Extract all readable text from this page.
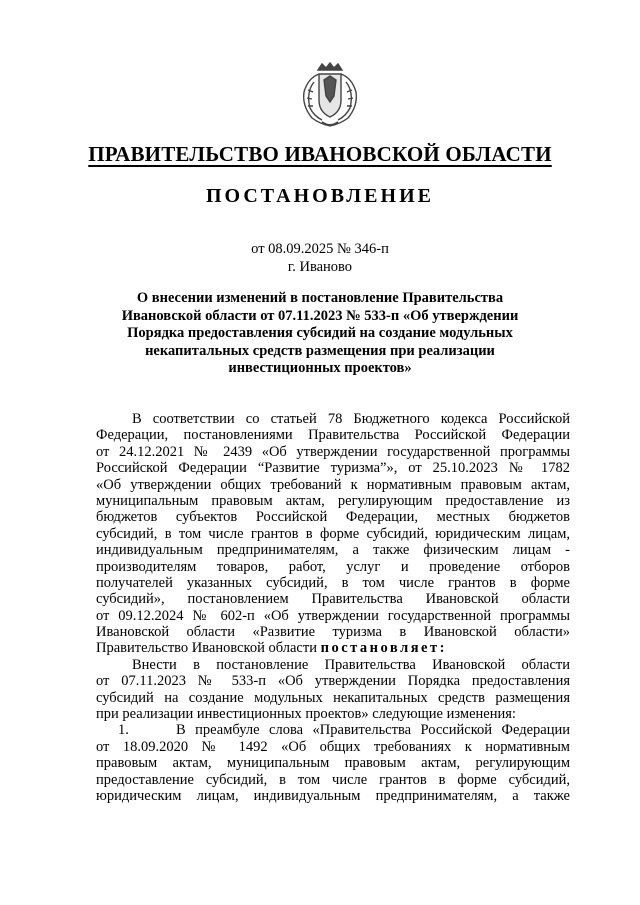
ПРАВИТЕЛЬСТВО ИВАНОВСКОЙ ОБЛАСТИ
ПОСТАНОВЛЕНИЕ
от 08.09.2025 № 346-п
г. Иваново
О внесении изменений в постановление Правительства
Ивановской области от 07.11.2023 № 533-п «Об утверждении
Порядка предоставления субсидий на создание модульных
некапитальных средств размещения при реализации
инвестиционных проектов»
В соответствии со статьей 78 Бюджетного кодекса Российской
Федерации, постановлениями Правительства Российской Федерации
от 24.12.2021 № 2439 «Об утверждении государственной программы
Российской Федерации “Развитие туризма”», от 25.10.2023 № 1782
«Об утверждении общих требований к нормативным правовым актам,
муниципальным правовым актам, регулирующим предоставление из
бюджетов субъектов Российской Федерации, местных бюджетов
субсидий, в том числе грантов в форме субсидий, юридическим лицам,
индивидуальным предпринимателям, а также физическим лицам -
производителям товаров, работ, услуг и проведение отборов
получателей указанных субсидий, в том числе грантов в форме
субсидий», постановлением Правительства Ивановской области
от 09.12.2024 № 602-п «Об утверждении государственной программы
Ивановской области «Развитие туризма в Ивановской области»
Правительство Ивановской области постановляет:
Внести в постановление Правительства Ивановской области
от 07.11.2023 № 533-п «Об утверждении Порядка предоставления
субсидий на создание модульных некапитальных средств размещения
при реализации инвестиционных проектов» следующие изменения:
1.	В преамбуле слова «Правительства Российской Федерации
от 18.09.2020 № 1492 «Об общих требованиях к нормативным
правовым актам, муниципальным правовым актам, регулирующим
предоставление субсидий, в том числе грантов в форме субсидий,
юридическим лицам, индивидуальным предпринимателям, а также
